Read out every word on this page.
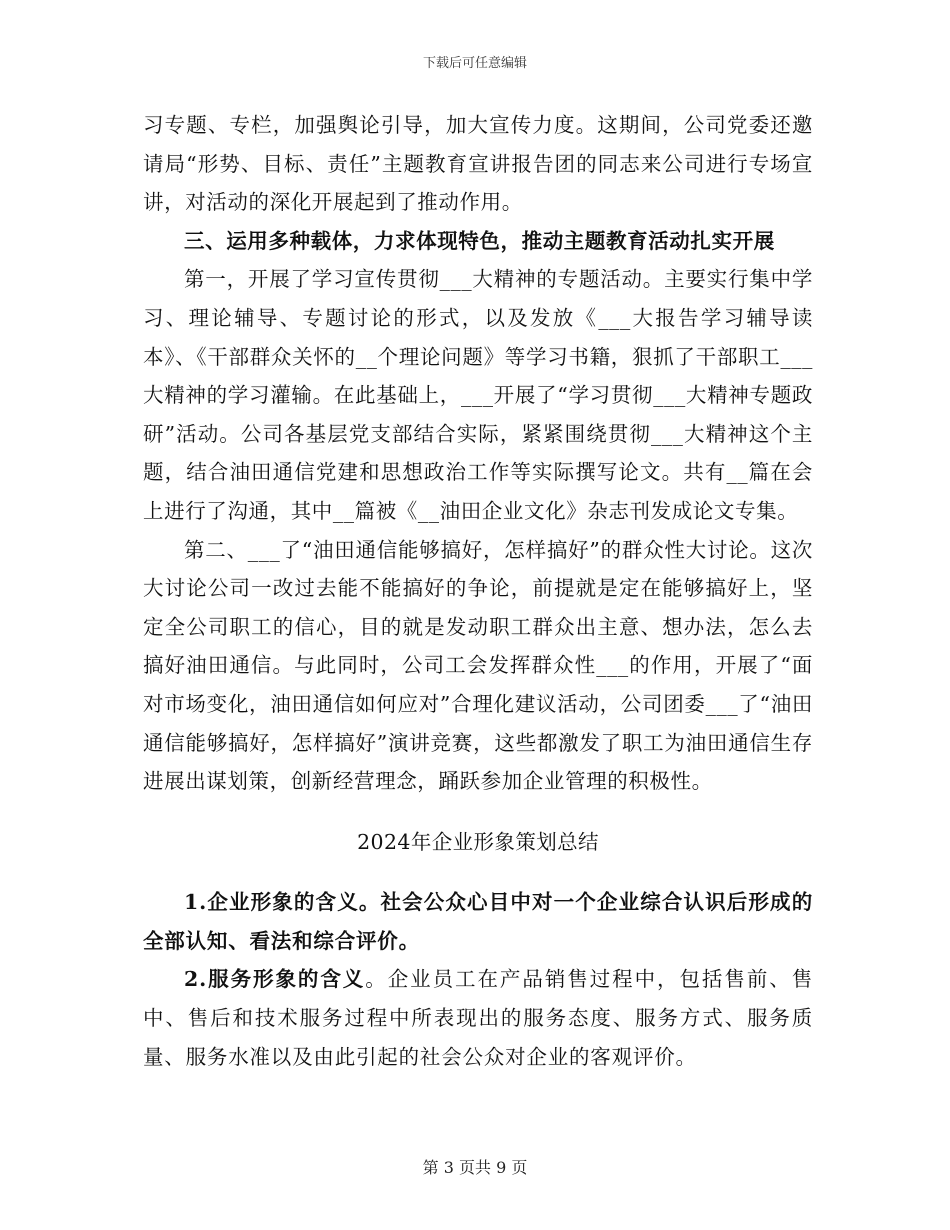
下载后可任意编辑

习专题、专栏，加强舆论引导，加大宣传力度。这期间，公司党委还邀请局“形势、目标、责任”主题教育宣讲报告团的同志来公司进行专场宣讲，对活动的深化开展起到了推动作用。

三、运用多种载体，力求体现特色，推动主题教育活动扎实开展

第一，开展了学习宣传贯彻___大精神的专题活动。主要实行集中学习、理论辅导、专题讨论的形式，以及发放《___大报告学习辅导读本》、《干部群众关怀的__个理论问题》等学习书籍，狠抓了干部职工___大精神的学习灌输。在此基础上，___开展了“学习贯彻___大精神专题政研”活动。公司各基层党支部结合实际，紧紧围绕贯彻___大精神这个主题，结合油田通信党建和思想政治工作等实际撰写论文。共有__篇在会上进行了沟通，其中__篇被《__油田企业文化》杂志刊发成论文专集。

第二、___了“油田通信能够搞好，怎样搞好”的群众性大讨论。这次大讨论公司一改过去能不能搞好的争论，前提就是定在能够搞好上，坚定全公司职工的信心，目的就是发动职工群众出主意、想办法，怎么去搞好油田通信。与此同时，公司工会发挥群众性___的作用，开展了“面对市场变化，油田通信如何应对”合理化建议活动，公司团委___了“油田通信能够搞好，怎样搞好”演讲竞赛，这些都激发了职工为油田通信生存进展出谋划策，创新经营理念，踊跃参加企业管理的积极性。

2024年企业形象策划总结

1.企业形象的含义。社会公众心目中对一个企业综合认识后形成的全部认知、看法和综合评价。

2.服务形象的含义。企业员工在产品销售过程中，包括售前、售中、售后和技术服务过程中所表现出的服务态度、服务方式、服务质量、服务水准以及由此引起的社会公众对企业的客观评价。

第 3 页共 9 页
